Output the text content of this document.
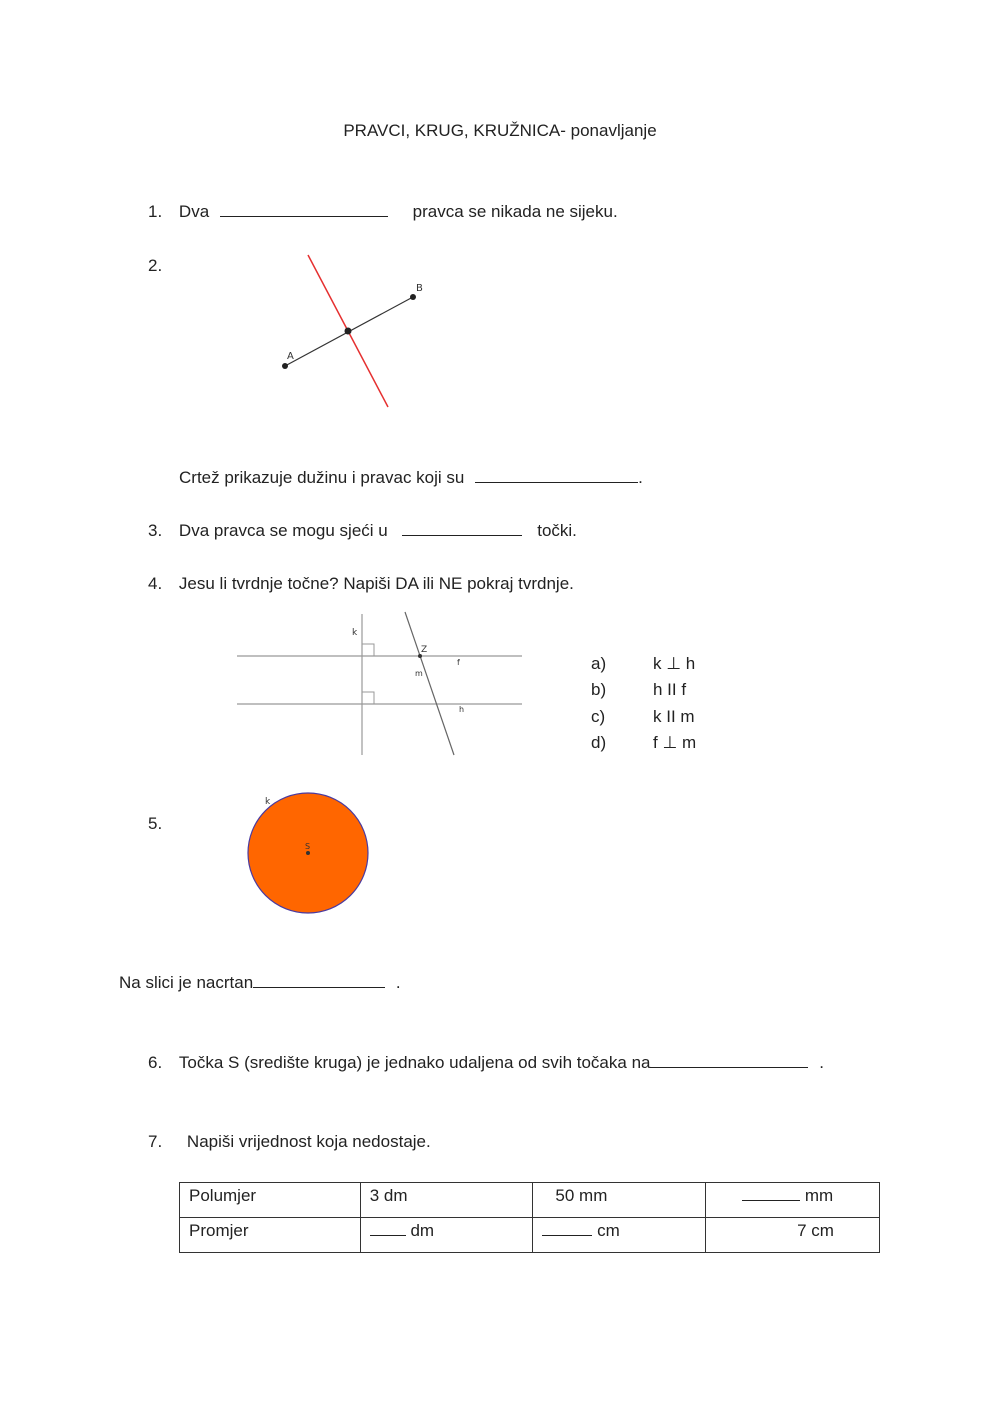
PRAVCI, KRUG, KRUŽNICA- ponavljanje
1. Dva	pravca se nikada ne sijeku.
2.
A
B
Crtež prikazuje dužinu i pravac koji su	.
3. Dva pravca se mogu sjeći u	točki.
4. Jesu li tvrdnje točne? Napiši DA ili NE pokraj tvrdnje.
k
Z
f
m
h
a)	k ⊥ h
b)	h II f
c)	k II m
d)	f ⊥ m
5.
S
k
Na slici je nacrtan	.
6. Točka S (središte kruga) je jednako udaljena od svih točaka na	.
7. Napiši vrijednost koja nedostaje.
Polumjer	3 dm	50 mm	mm
Promjer	dm	cm	7 cm
